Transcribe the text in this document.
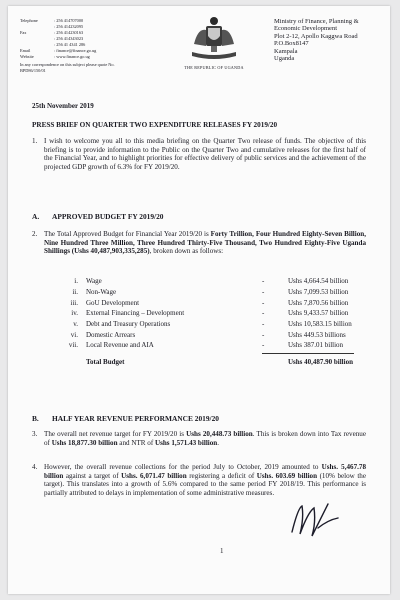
Telephone	: 256 414707000
: 256 414232095
Fax	: 256 414230163
: 256 414343023
: 256 41 4341 286
Email	: finance@finance.go.ug
Website	: www.finance.go.ug
In any correspondence on this subject please quote No. BPD86/150/01
THE REPUBLIC OF UGANDA
Ministry of Finance, Planning &
Economic Development
Plot 2-12, Apollo Kaggwa Road
P.O.Box8147
Kampala
Uganda
25th November 2019
PRESS BRIEF ON QUARTER TWO EXPENDITURE RELEASES FY 2019/20
1. I wish to welcome you all to this media briefing on the Quarter Two release of funds. The objective of this briefing is to provide information to the Public on the Quarter Two and cumulative releases for the first half of the Financial Year, and to highlight priorities for effective delivery of public services and the achievement of the projected GDP growth of 6.3% for FY 2019/20.
A. APPROVED BUDGET FY 2019/20
2. The Total Approved Budget for Financial Year 2019/20 is Forty Trillion, Four Hundred Eighty-Seven Billion, Nine Hundred Three Million, Three Hundred Thirty-Five Thousand, Two Hundred Eighty-Five Uganda Shillings (Ushs 40,487,903,335,285), broken down as follows:
i.	Wage	-	Ushs 4,664.54 billion
ii.	Non-Wage	-	Ushs 7,099.53 billion
iii.	GoU Development	-	Ushs 7,870.56 billion
iv.	External Financing – Development	-	Ushs 9,433.57 billion
v.	Debt and Treasury Operations	-	Ushs 10,583.15 billion
vi.	Domestic Arrears	-	Ushs 449.53 billions
vii.	Local Revenue and AIA	-	Ushs 387.01 billion
Total Budget	Ushs 40,487.90 billion
B. HALF YEAR REVENUE PERFORMANCE 2019/20
3. The overall net revenue target for FY 2019/20 is Ushs 20,448.73 billion. This is broken down into Tax revenue of Ushs 18,877.30 billion and NTR of Ushs 1,571.43 billion.
4. However, the overall revenue collections for the period July to October, 2019 amounted to Ushs. 5,467.78 billion against a target of Ushs. 6,071.47 billion registering a deficit of Ushs. 603.69 billion (10% below the target). This translates into a growth of 5.6% compared to the same period FY 2018/19. This performance is partially attributed to delays in implementation of some administrative measures.
1
